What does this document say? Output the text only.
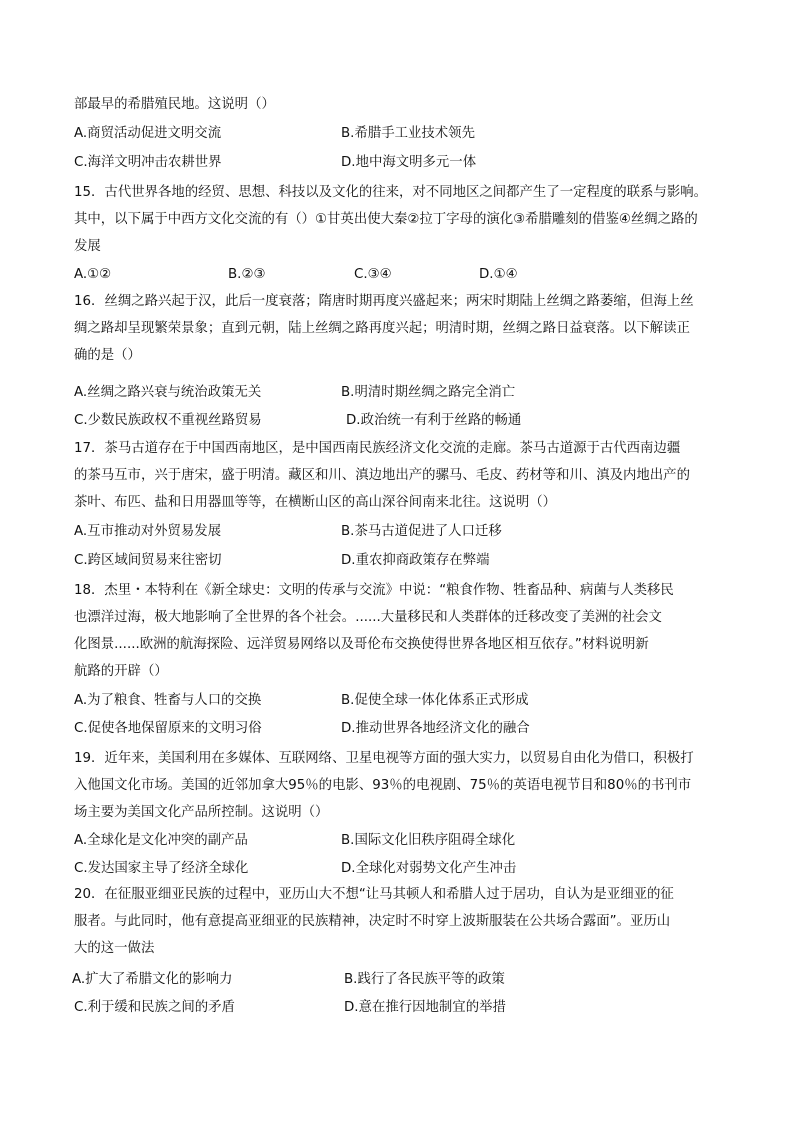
部最早的希腊殖民地。这说明（）
A.商贸活动促进文明交流	B.希腊手工业技术领先
C.海洋文明冲击农耕世界	D.地中海文明多元一体
15．古代世界各地的经贸、思想、科技以及文化的往来，对不同地区之间都产生了一定程度的联系与影响。
其中，以下属于中西方文化交流的有（）①甘英出使大秦②拉丁字母的演化③希腊雕刻的借鉴④丝绸之路的
发展
A.①②	B.②③	C.③④	D.①④
16．丝绸之路兴起于汉，此后一度衰落；隋唐时期再度兴盛起来；两宋时期陆上丝绸之路萎缩，但海上丝
绸之路却呈现繁荣景象；直到元朝，陆上丝绸之路再度兴起；明清时期，丝绸之路日益衰落。以下解读正
确的是（）
A.丝绸之路兴衰与统治政策无关	B.明清时期丝绸之路完全消亡
C.少数民族政权不重视丝路贸易	D.政治统一有利于丝路的畅通
17．茶马古道存在于中国西南地区，是中国西南民族经济文化交流的走廊。茶马古道源于古代西南边疆
的茶马互市，兴于唐宋，盛于明清。藏区和川、滇边地出产的骡马、毛皮、药材等和川、滇及内地出产的
茶叶、布匹、盐和日用器皿等等，在横断山区的高山深谷间南来北往。这说明（）
A.互市推动对外贸易发展	B.茶马古道促进了人口迁移
C.跨区域间贸易来往密切	D.重农抑商政策存在弊端
18．杰里・本特利在《新全球史：文明的传承与交流》中说：“粮食作物、牲畜品种、病菌与人类移民
也漂洋过海，极大地影响了全世界的各个社会。......大量移民和人类群体的迁移改变了美洲的社会文
化图景......欧洲的航海探险、远洋贸易网络以及哥伦布交换使得世界各地区相互依存。”材料说明新
航路的开辟（）
A.为了粮食、牲畜与人口的交换	B.促使全球一体化体系正式形成
C.促使各地保留原来的文明习俗	D.推动世界各地经济文化的融合
19．近年来，美国利用在多媒体、互联网络、卫星电视等方面的强大实力，以贸易自由化为借口，积极打
入他国文化市场。美国的近邻加拿大95％的电影、93％的电视剧、75％的英语电视节目和80％的书刊市
场主要为美国文化产品所控制。这说明（）
A.全球化是文化冲突的副产品	B.国际文化旧秩序阻碍全球化
C.发达国家主导了经济全球化	D.全球化对弱势文化产生冲击
20．在征服亚细亚民族的过程中，亚历山大不想“让马其顿人和希腊人过于居功，自认为是亚细亚的征
服者。与此同时，他有意提高亚细亚的民族精神，决定时不时穿上波斯服装在公共场合露面”。亚历山
大的这一做法
A.扩大了希腊文化的影响力	B.践行了各民族平等的政策
C.利于缓和民族之间的矛盾	D.意在推行因地制宜的举措
